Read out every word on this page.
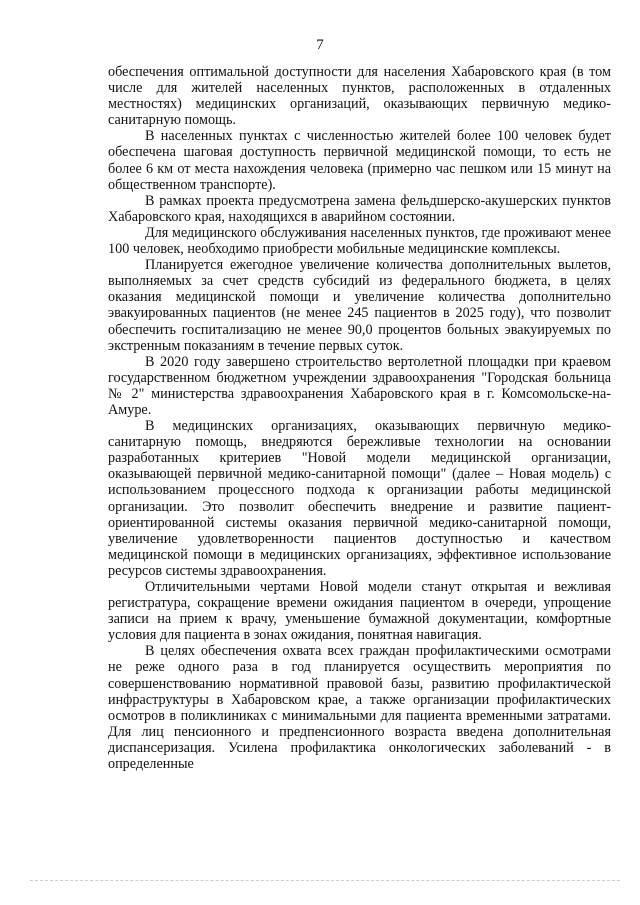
7

обеспечения оптимальной доступности для населения Хабаровского края (в том числе для жителей населенных пунктов, расположенных в отдаленных местностях) медицинских организаций, оказывающих первичную медико-санитарную помощь.

В населенных пунктах с численностью жителей более 100 человек будет обеспечена шаговая доступность первичной медицинской помощи, то есть не более 6 км от места нахождения человека (примерно час пешком или 15 минут на общественном транспорте).

В рамках проекта предусмотрена замена фельдшерско-акушерских пунктов Хабаровского края, находящихся в аварийном состоянии.

Для медицинского обслуживания населенных пунктов, где проживают менее 100 человек, необходимо приобрести мобильные медицинские комплексы.

Планируется ежегодное увеличение количества дополнительных вылетов, выполняемых за счет средств субсидий из федерального бюджета, в целях оказания медицинской помощи и увеличение количества дополнительно эвакуированных пациентов (не менее 245 пациентов в 2025 году), что позволит обеспечить госпитализацию не менее 90,0 процентов больных эвакуируемых по экстренным показаниям в течение первых суток.

В 2020 году завершено строительство вертолетной площадки при краевом государственном бюджетном учреждении здравоохранения "Городская больница № 2" министерства здравоохранения Хабаровского края в г. Комсомольске-на-Амуре.

В медицинских организациях, оказывающих первичную медико-санитарную помощь, внедряются бережливые технологии на основании разработанных критериев "Новой модели медицинской организации, оказывающей первичной медико-санитарной помощи" (далее – Новая модель) с использованием процессного подхода к организации работы медицинской организации. Это позволит обеспечить внедрение и развитие пациент-ориентированной системы оказания первичной медико-санитарной помощи, увеличение удовлетворенности пациентов доступностью и качеством медицинской помощи в медицинских организациях, эффективное использование ресурсов системы здравоохранения.

Отличительными чертами Новой модели станут открытая и вежливая регистратура, сокращение времени ожидания пациентом в очереди, упрощение записи на прием к врачу, уменьшение бумажной документации, комфортные условия для пациента в зонах ожидания, понятная навигация.

В целях обеспечения охвата всех граждан профилактическими осмотрами не реже одного раза в год планируется осуществить мероприятия по совершенствованию нормативной правовой базы, развитию профилактической инфраструктуры в Хабаровском крае, а также организации профилактических осмотров в поликлиниках с минимальными для пациента временными затратами. Для лиц пенсионного и предпенсионного возраста введена дополнительная диспансеризация. Усилена профилактика онкологических заболеваний - в определенные
